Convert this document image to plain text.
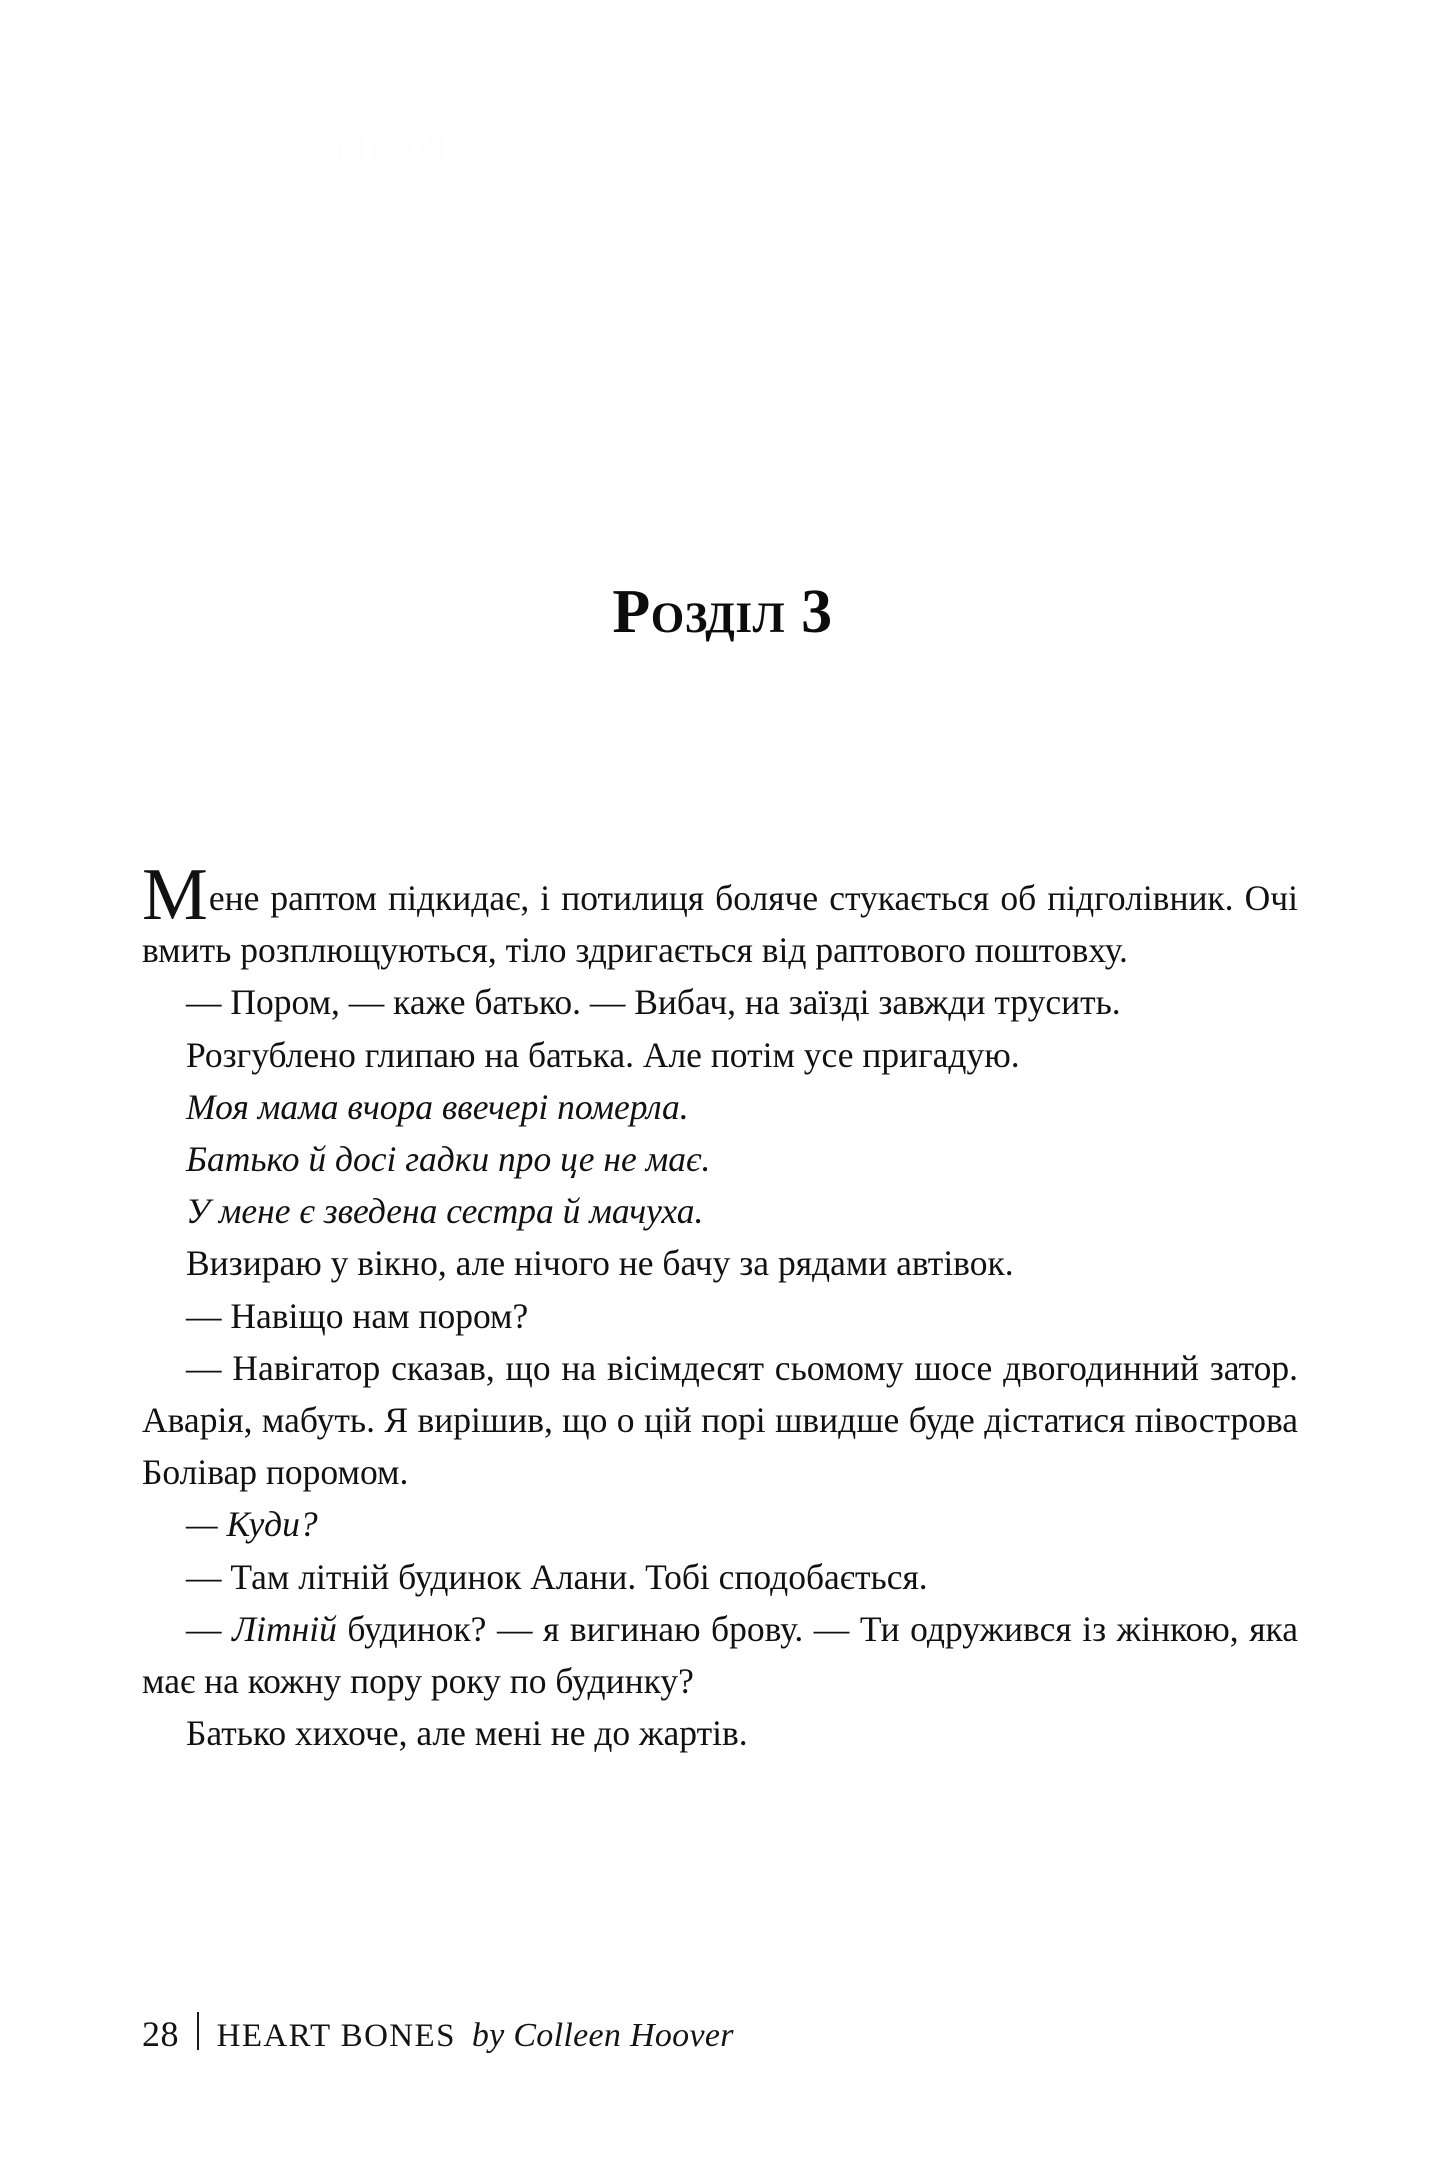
Розділ
Розділ 3

Mене раптом підкидає, і потилиця боляче стукається об підголівник. Очі вмить розплющуються, тіло здригається від раптового поштовху.

— Пором, — каже батько. — Вибач, на заїзді завжди трусить.

Розгублено глипаю на батька. Але потім усе пригадую.

Моя мама вчора ввечері померла.

Батько й досі гадки про це не має.

У мене є зведена сестра й мачуха.

Визираю у вікно, але нічого не бачу за рядами автівок.

— Навіщо нам пором?

— Навігатор сказав, що на вісімдесят сьомому шосе двогодинний затор. Аварія, мабуть. Я вирішив, що о цій порі швидше буде дістатися півострова Болівар поромом.

— Куди?

— Там літній будинок Алани. Тобі сподобається.

— Літній будинок? — я вигинаю брову. — Ти одружився із жінкою, яка має на кожну пору року по будинку?

Батько хихоче, але мені не до жартів.

28 HEART BONES by Colleen Hoover
